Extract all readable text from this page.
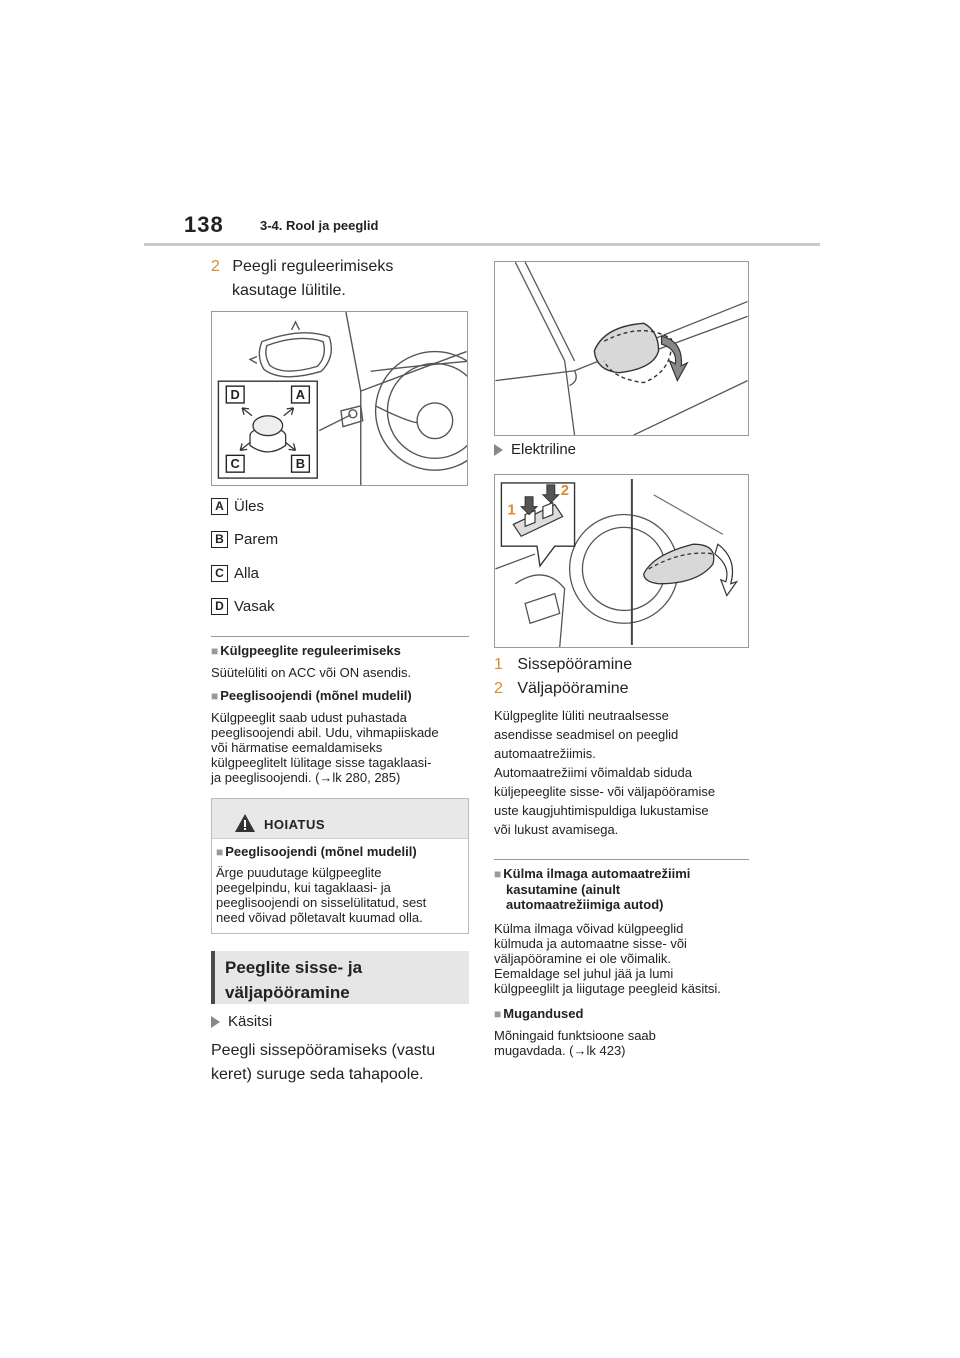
138	3-4. Rool ja peeglid
2 Peegli reguleerimiseks
kasutage lülitile.
D	A
C	B
A Üles
B Parem
C Alla
D Vasak
■ Külgpeeglite reguleerimiseks
Süütelüliti on ACC või ON asendis.
■ Peeglisoojendi (mõnel mudelil)
Külgpeeglit saab udust puhastada
peeglisoojendi abil. Udu, vihmapiiskade
või härmatise eemaldamiseks
külgpeeglitelt lülitage sisse tagaklaasi-
ja peeglisoojendi. (→lk 280, 285)
HOIATUS
■ Peeglisoojendi (mõnel mudelil)
Ärge puudutage külgpeeglite
peegelpindu, kui tagaklaasi- ja
peeglisoojendi on sisselülitatud, sest
need võivad põletavalt kuumad olla.
Peeglite sisse- ja
väljapööramine
Käsitsi
Peegli sissepööramiseks (vastu
keret) suruge seda tahapoole.
Elektriline
1
2
1 Sissepööramine
2 Väljapööramine
Külgpeglite lüliti neutraalsesse
asendisse seadmisel on peeglid
automaatrežiimis.
Automaatrežiimi võimaldab siduda
küljepeeglite sisse- või väljapööramise
uste kaugjuhtimispuldiga lukustamise
või lukust avamisega.
■ Külma ilmaga automaatrežiimi
kasutamine (ainult
automaatrežiimiga autod)
Külma ilmaga võivad külgpeeglid
külmuda ja automaatne sisse- või
väljapööramine ei ole võimalik.
Eemaldage sel juhul jää ja lumi
külgpeeglilt ja liigutage peegleid käsitsi.
■ Mugandused
Mõningaid funktsioone saab
mugavdada. (→lk 423)
